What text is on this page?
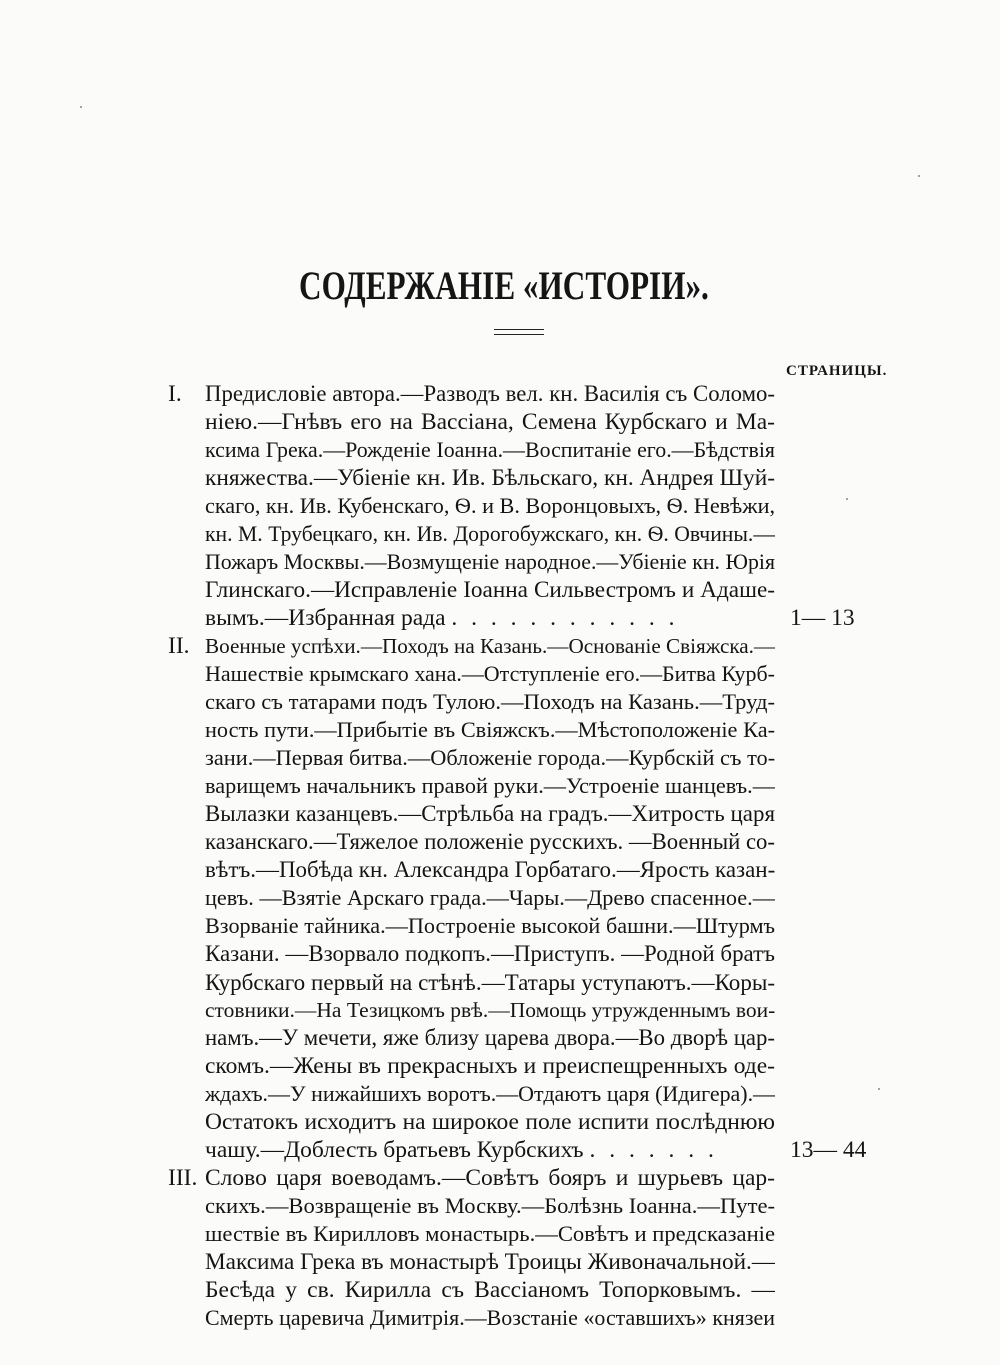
СОДЕРЖАНІЕ «ИСТОРІИ».
СТРАНИЦЫ.
I. Предисловіе автора.—Разводъ вел. кн. Василія съ Соломо-
ніею.—Гнѣвъ его на Вассіана, Семена Курбскаго и Ма-
ксима Грека.—Рожденіе Іоанна.—Воспитаніе его.—Бѣдствія
княжества.—Убіеніе кн. Ив. Бѣльскаго, кн. Андрея Шуй-
скаго, кн. Ив. Кубенскаго, Ѳ. и В. Воронцовыхъ, Ѳ. Невѣжи,
кн. М. Трубецкаго, кн. Ив. Дорогобужскаго, кн. Ѳ. Овчины.—
Пожаръ Москвы.—Возмущеніе народное.—Убіеніе кн. Юрія
Глинскаго.—Исправленіе Іоанна Сильвестромъ и Адаше-
вымъ.—Избранная рада . . . . . . . . . . . .	1— 13
II. Военные успѣхи.—Походъ на Казань.—Основаніе Свіяжска.—
Нашествіе крымскаго хана.—Отступленіе его.—Битва Курб-
скаго съ татарами подъ Тулою.—Походъ на Казань.—Труд-
ность пути.—Прибытіе въ Свіяжскъ.—Мѣстоположеніе Ка-
зани.—Первая битва.—Обложеніе города.—Курбскій съ то-
варищемъ начальникъ правой руки.—Устроеніе шанцевъ.—
Вылазки казанцевъ.—Стрѣльба на градъ.—Хитрость царя
казанскаго.—Тяжелое положеніе русскихъ. —Военный со-
вѣтъ.—Побѣда кн. Александра Горбатаго.—Ярость казан-
цевъ. —Взятіе Арскаго града.—Чары.—Древо спасенное.—
Взорваніе тайника.—Построеніе высокой башни.—Штурмъ
Казани. —Взорвало подкопъ.—Приступъ. —Родной братъ
Курбскаго первый на стѣнѣ.—Татары уступаютъ.—Коры-
стовники.—На Тезицкомъ рвѣ.—Помощь утружденнымъ вои-
намъ.—У мечети, яже близу царева двора.—Во дворѣ цар-
скомъ.—Жены въ прекрасныхъ и преиспещренныхъ оде-
ждахъ.—У нижайшихъ воротъ.—Отдаютъ царя (Идигера).—
Остатокъ исходитъ на широкое поле испити послѣднюю
чашу.—Доблесть братьевъ Курбскихъ . . . . . . .	13— 44
III. Слово царя воеводамъ.—Совѣтъ бояръ и шурьевъ цар-
скихъ.—Возвращеніе въ Москву.—Болѣзнь Іоанна.—Путе-
шествіе въ Кирилловъ монастырь.—Совѣтъ и предсказаніе
Максима Грека въ монастырѣ Троицы Живоначальной.—
Бесѣда у св. Кирилла съ Вассіаномъ Топорковымъ. —
Смерть царевича Димитрія.—Возстаніе «оставшихъ» князеи
